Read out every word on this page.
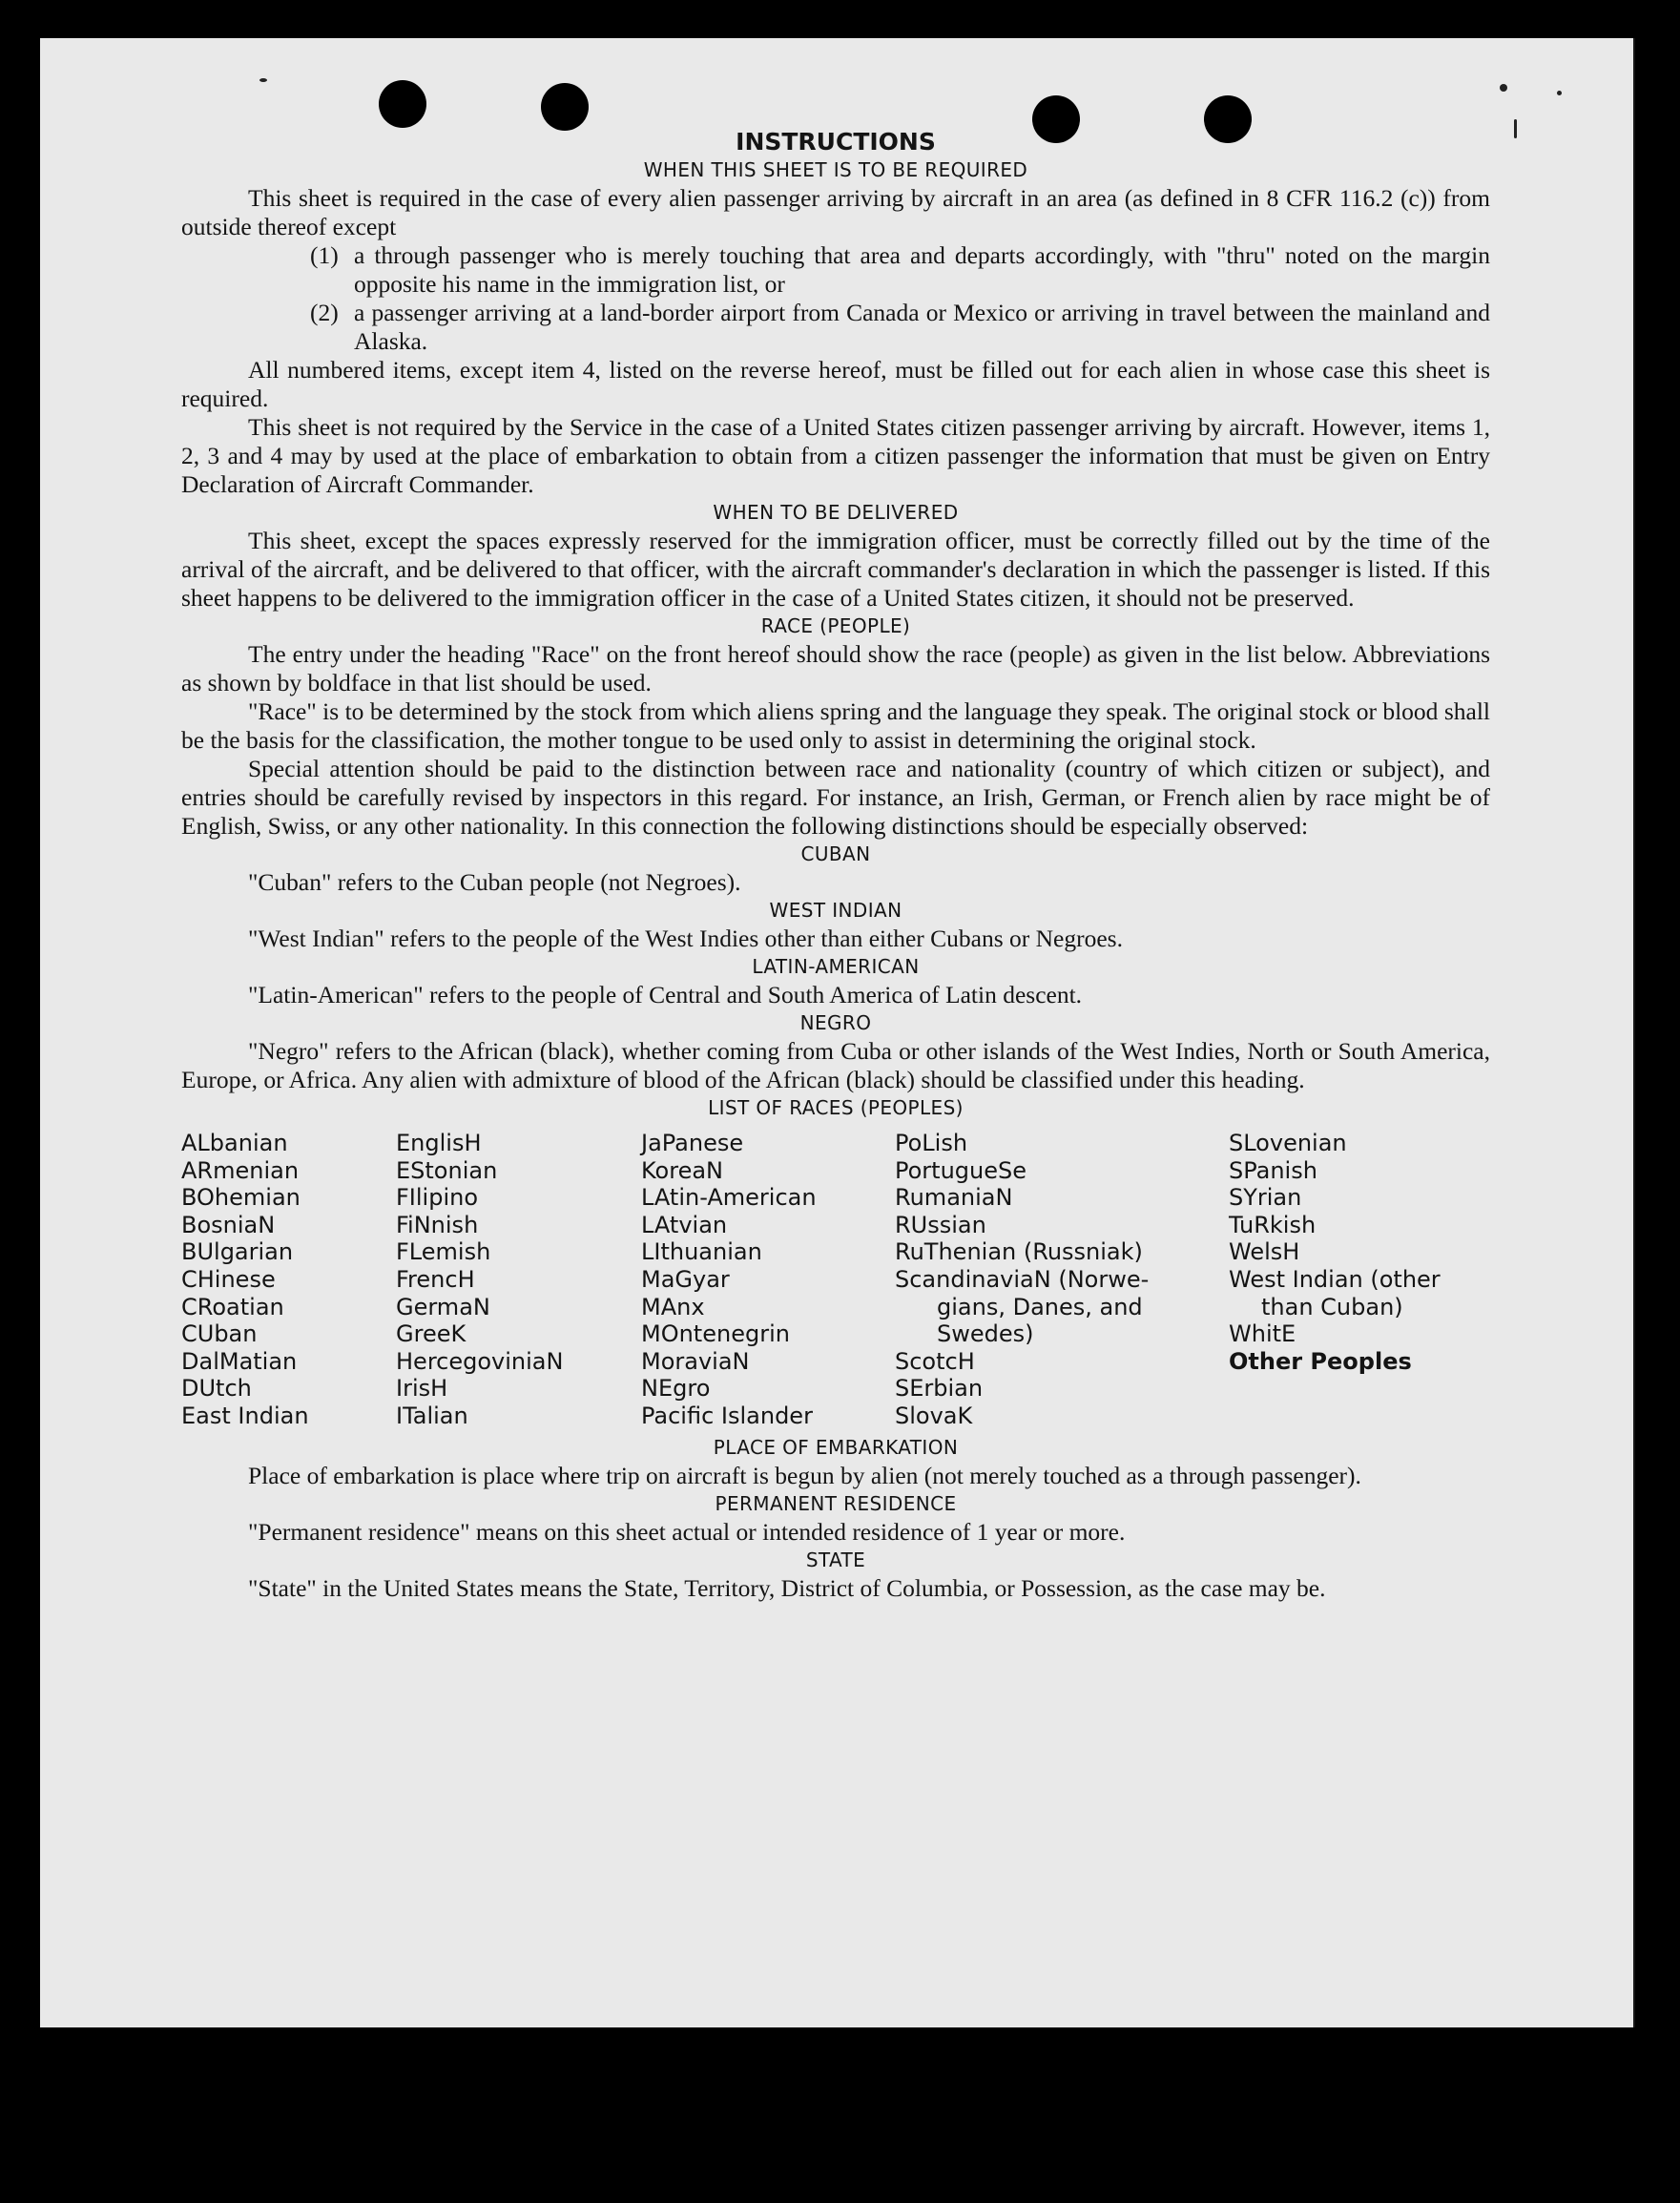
INSTRUCTIONS
WHEN THIS SHEET IS TO BE REQUIRED

This sheet is required in the case of every alien passenger arriving by aircraft in an area (as defined in 8 CFR 116.2 (c)) from outside thereof except

(1) a through passenger who is merely touching that area and departs accordingly, with "thru" noted on the margin opposite his name in the immigration list, or
(2) a passenger arriving at a land-border airport from Canada or Mexico or arriving in travel between the mainland and Alaska.

All numbered items, except item 4, listed on the reverse hereof, must be filled out for each alien in whose case this sheet is required.

This sheet is not required by the Service in the case of a United States citizen passenger arriving by aircraft. However, items 1, 2, 3 and 4 may by used at the place of embarkation to obtain from a citizen passenger the information that must be given on Entry Declaration of Aircraft Commander.

WHEN TO BE DELIVERED

This sheet, except the spaces expressly reserved for the immigration officer, must be correctly filled out by the time of the arrival of the aircraft, and be delivered to that officer, with the aircraft commander's declaration in which the passenger is listed. If this sheet happens to be delivered to the immigration officer in the case of a United States citizen, it should not be preserved.

RACE (PEOPLE)

The entry under the heading "Race" on the front hereof should show the race (people) as given in the list below. Abbreviations as shown by boldface in that list should be used.

"Race" is to be determined by the stock from which aliens spring and the language they speak. The original stock or blood shall be the basis for the classification, the mother tongue to be used only to assist in determining the original stock.

Special attention should be paid to the distinction between race and nationality (country of which citizen or subject), and entries should be carefully revised by inspectors in this regard. For instance, an Irish, German, or French alien by race might be of English, Swiss, or any other nationality. In this connection the following distinctions should be especially observed:

CUBAN

"Cuban" refers to the Cuban people (not Negroes).

WEST INDIAN

"West Indian" refers to the people of the West Indies other than either Cubans or Negroes.

LATIN-AMERICAN

"Latin-American" refers to the people of Central and South America of Latin descent.

NEGRO

"Negro" refers to the African (black), whether coming from Cuba or other islands of the West Indies, North or South America, Europe, or Africa. Any alien with admixture of blood of the African (black) should be classified under this heading.

LIST OF RACES (PEOPLES)
ALbanian
ARmenian
BOhemian
BosniaN
BUlgarian
CHinese
CRoatian
CUban
DalMatian
DUtch
East Indian
EnglisH
EStonian
FIlipino
FiNnish
FLemish
FrencH
GermaN
GreeK
HercegoviniaN
IrisH
ITalian
JaPanese
KoreaN
LAtin-American
LAtvian
LIthuanian
MaGyar
MAnx
MOntenegrin
MoraviaN
NEgro
Pacific Islander
PoLish
PortugueSe
RumaniaN
RUssian
RuThenian (Russniak)
ScandinaviaN (Norwe-
gians, Danes, and
Swedes)
ScotcH
SErbian
SlovaK
SLovenian
SPanish
SYrian
TuRkish
WelsH
West Indian (other
than Cuban)
WhitE
Other Peoples
PLACE OF EMBARKATION

Place of embarkation is place where trip on aircraft is begun by alien (not merely touched as a through passenger).

PERMANENT RESIDENCE

"Permanent residence" means on this sheet actual or intended residence of 1 year or more.

STATE

"State" in the United States means the State, Territory, District of Columbia, or Possession, as the case may be.
